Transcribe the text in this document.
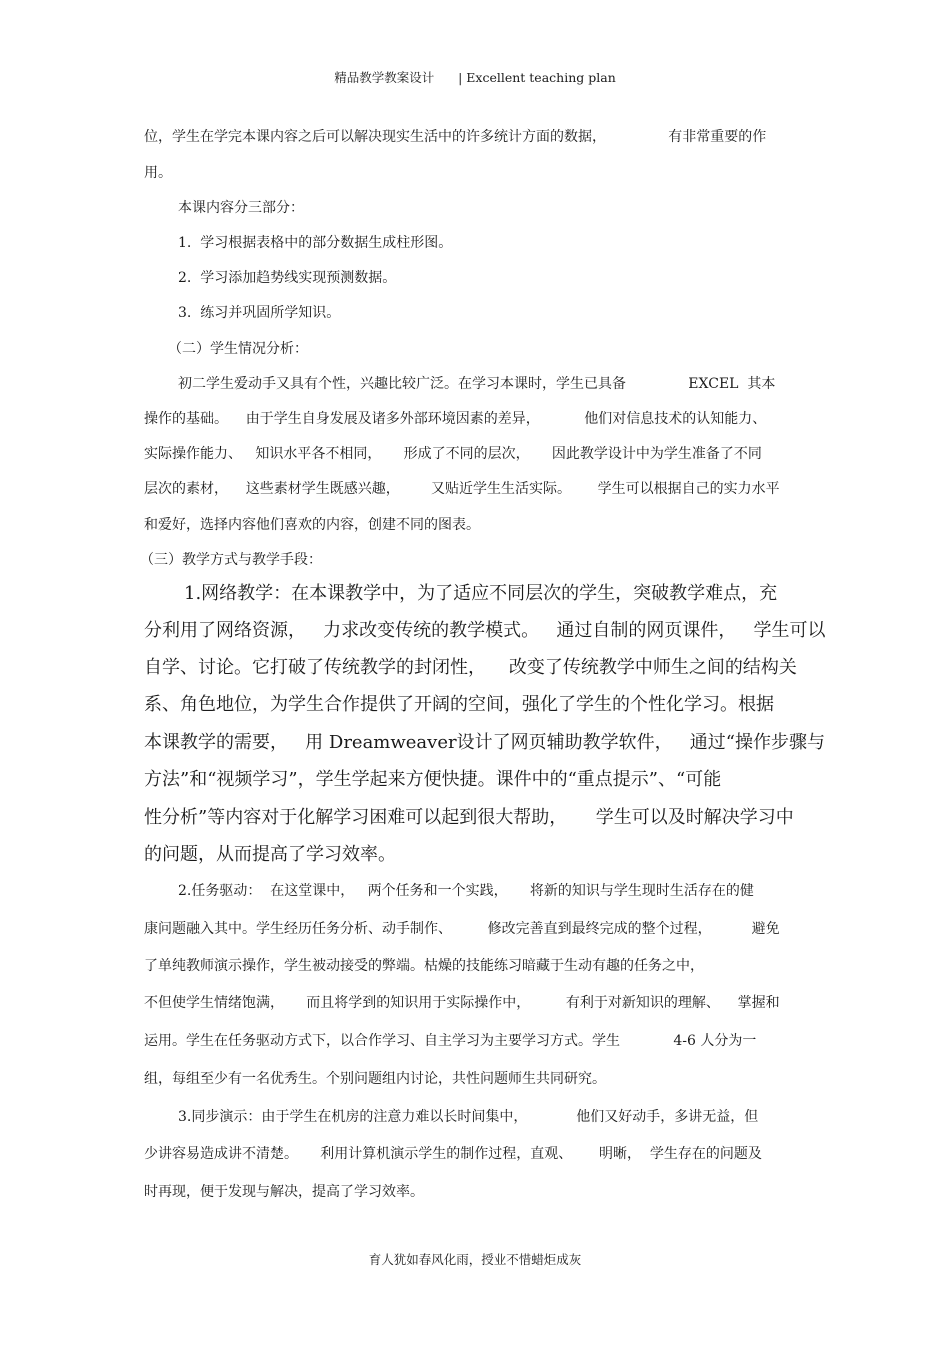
精品教学教案设计      | Excellent teaching plan
位，学生在学完本课内容之后可以解决现实生活中的许多统计方面的数据，              有非常重要的作
用。
本课内容分三部分：
1.  学习根据表格中的部分数据生成柱形图。
2.  学习添加趋势线实现预测数据。
3.  练习并巩固所学知识。
（二）学生情况分析：
初二学生爱动手又具有个性，兴趣比较广泛。在学习本课时，学生已具备              EXCEL  其本
操作的基础。    由于学生自身发展及诸多外部环境因素的差异，          他们对信息技术的认知能力、
实际操作能力、   知识水平各不相同，     形成了不同的层次，     因此教学设计中为学生准备了不同
层次的素材，    这些素材学生既感兴趣，       又贴近学生生活实际。      学生可以根据自己的实力水平
和爱好，选择内容他们喜欢的内容，创建不同的图表。
（三）教学方式与教学手段：
1.网络教学：在本课教学中，为了适应不同层次的学生，突破教学难点，充
分利用了网络资源，   力求改变传统的教学模式。   通过自制的网页课件，   学生可以
自学、讨论。它打破了传统教学的封闭性，    改变了传统教学中师生之间的结构关
系、角色地位，为学生合作提供了开阔的空间，强化了学生的个性化学习。根据
本课教学的需要，   用 Dreamweaver设计了网页辅助教学软件，   通过“操作步骤与
方法”和“视频学习”，学生学起来方便快捷。课件中的“重点提示”、“可能
性分析”等内容对于化解学习困难可以起到很大帮助，     学生可以及时解决学习中
的问题，从而提高了学习效率。
2.任务驱动：  在这堂课中，   两个任务和一个实践，     将新的知识与学生现时生活存在的健
康问题融入其中。学生经历任务分析、动手制作、        修改完善直到最终完成的整个过程，         避免
了单纯教师演示操作，学生被动接受的弊端。枯燥的技能练习暗藏于生动有趣的任务之中，
不但使学生情绪饱满，     而且将学到的知识用于实际操作中，        有利于对新知识的理解、    掌握和
运用。学生在任务驱动方式下，以合作学习、自主学习为主要学习方式。学生            4-6 人分为一
组，每组至少有一名优秀生。个别问题组内讨论，共性问题师生共同研究。
3.同步演示：由于学生在机房的注意力难以长时间集中，           他们又好动手，多讲无益，但
少讲容易造成讲不清楚。     利用计算机演示学生的制作过程，直观、      明晰，  学生存在的问题及
时再现，便于发现与解决，提高了学习效率。
育人犹如春风化雨，授业不惜蜡炬成灰
